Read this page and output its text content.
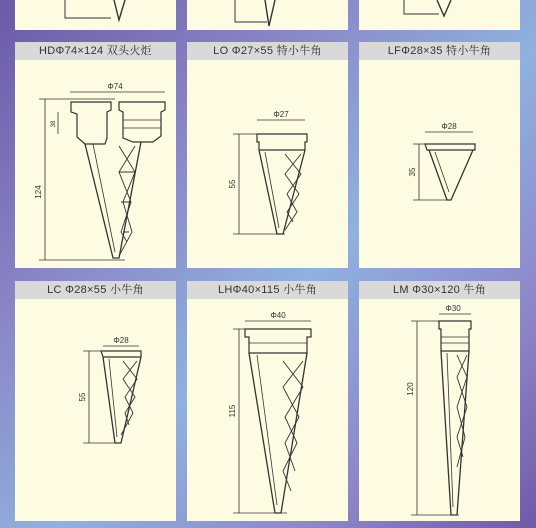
HDΦ74×124 双头火炬
Φ74
124
38
LO Φ27×55 特小牛角
Φ27
55
LFΦ28×35 特小牛角
Φ28
35
LC Φ28×55 小牛角
Φ28
55
LHΦ40×115 小牛角
Φ40
115
LM Φ30×120 牛角
Φ30
120
